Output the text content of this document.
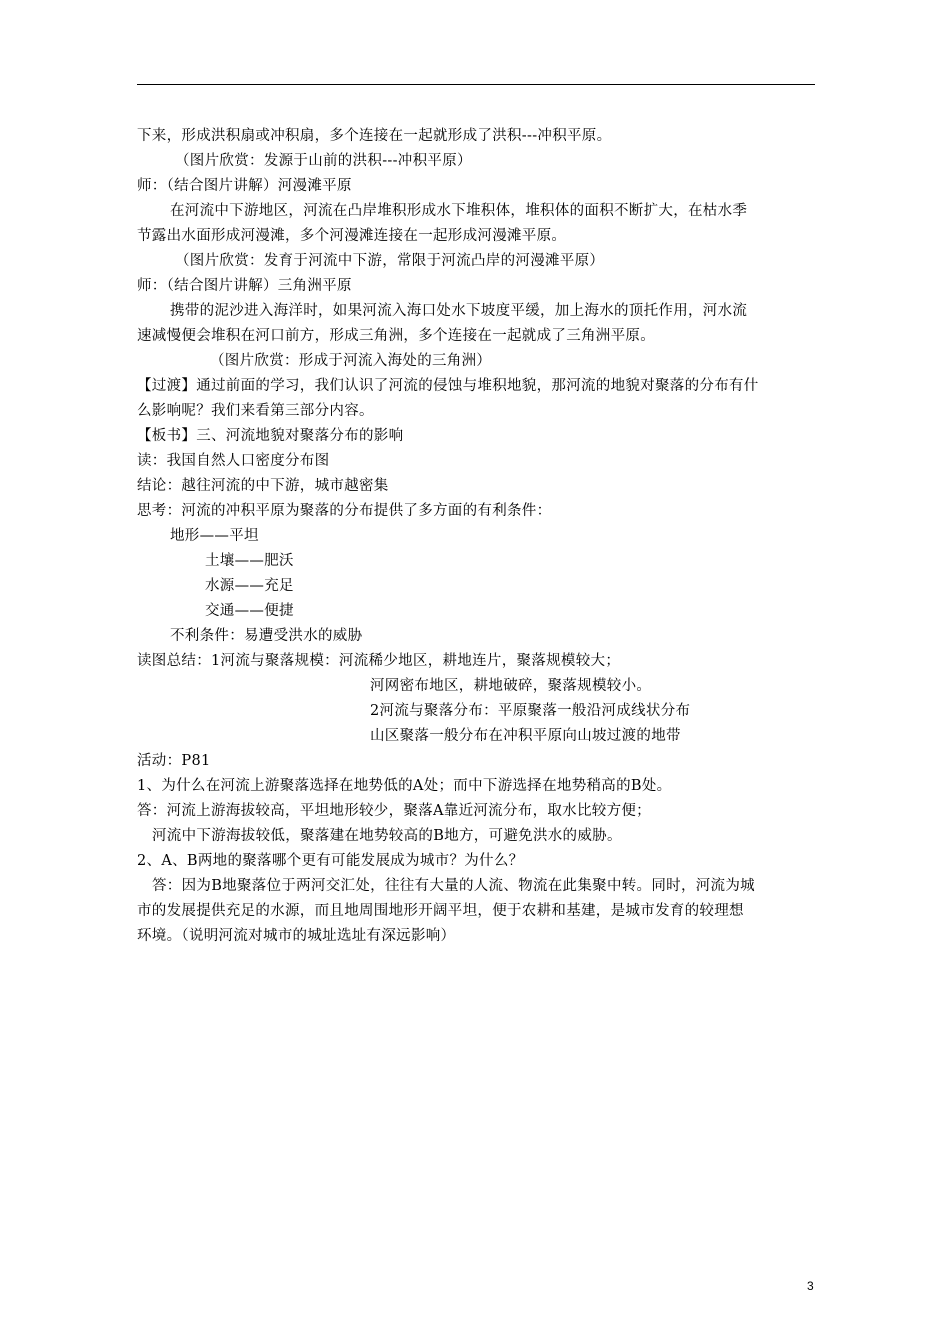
下来，形成洪积扇或冲积扇，多个连接在一起就形成了洪积---冲积平原。
（图片欣赏：发源于山前的洪积---冲积平原）
师：（结合图片讲解）河漫滩平原
在河流中下游地区，河流在凸岸堆积形成水下堆积体，堆积体的面积不断扩大，在枯水季
节露出水面形成河漫滩，多个河漫滩连接在一起形成河漫滩平原。
（图片欣赏：发育于河流中下游，常限于河流凸岸的河漫滩平原）
师：（结合图片讲解）三角洲平原
携带的泥沙进入海洋时，如果河流入海口处水下坡度平缓，加上海水的顶托作用，河水流
速减慢便会堆积在河口前方，形成三角洲，多个连接在一起就成了三角洲平原。
（图片欣赏：形成于河流入海处的三角洲）
【过渡】通过前面的学习，我们认识了河流的侵蚀与堆积地貌，那河流的地貌对聚落的分布有什
么影响呢？我们来看第三部分内容。
【板书】三、河流地貌对聚落分布的影响
读：我国自然人口密度分布图
结论：越往河流的中下游，城市越密集
思考：河流的冲积平原为聚落的分布提供了多方面的有利条件：
地形——平坦
土壤——肥沃
水源——充足
交通——便捷
不利条件：易遭受洪水的威胁
读图总结：1河流与聚落规模：河流稀少地区，耕地连片，聚落规模较大；
河网密布地区，耕地破碎，聚落规模较小。
2河流与聚落分布：平原聚落一般沿河成线状分布
山区聚落一般分布在冲积平原向山坡过渡的地带
活动：P81
1、为什么在河流上游聚落选择在地势低的A处；而中下游选择在地势稍高的B处。
答：河流上游海拔较高，平坦地形较少，聚落A靠近河流分布，取水比较方便；
河流中下游海拔较低，聚落建在地势较高的B地方，可避免洪水的威胁。
2、A、B两地的聚落哪个更有可能发展成为城市？为什么？
答：因为B地聚落位于两河交汇处，往往有大量的人流、物流在此集聚中转。同时，河流为城
市的发展提供充足的水源，而且地周围地形开阔平坦，便于农耕和基建，是城市发育的较理想
环境。（说明河流对城市的城址选址有深远影响）
3
